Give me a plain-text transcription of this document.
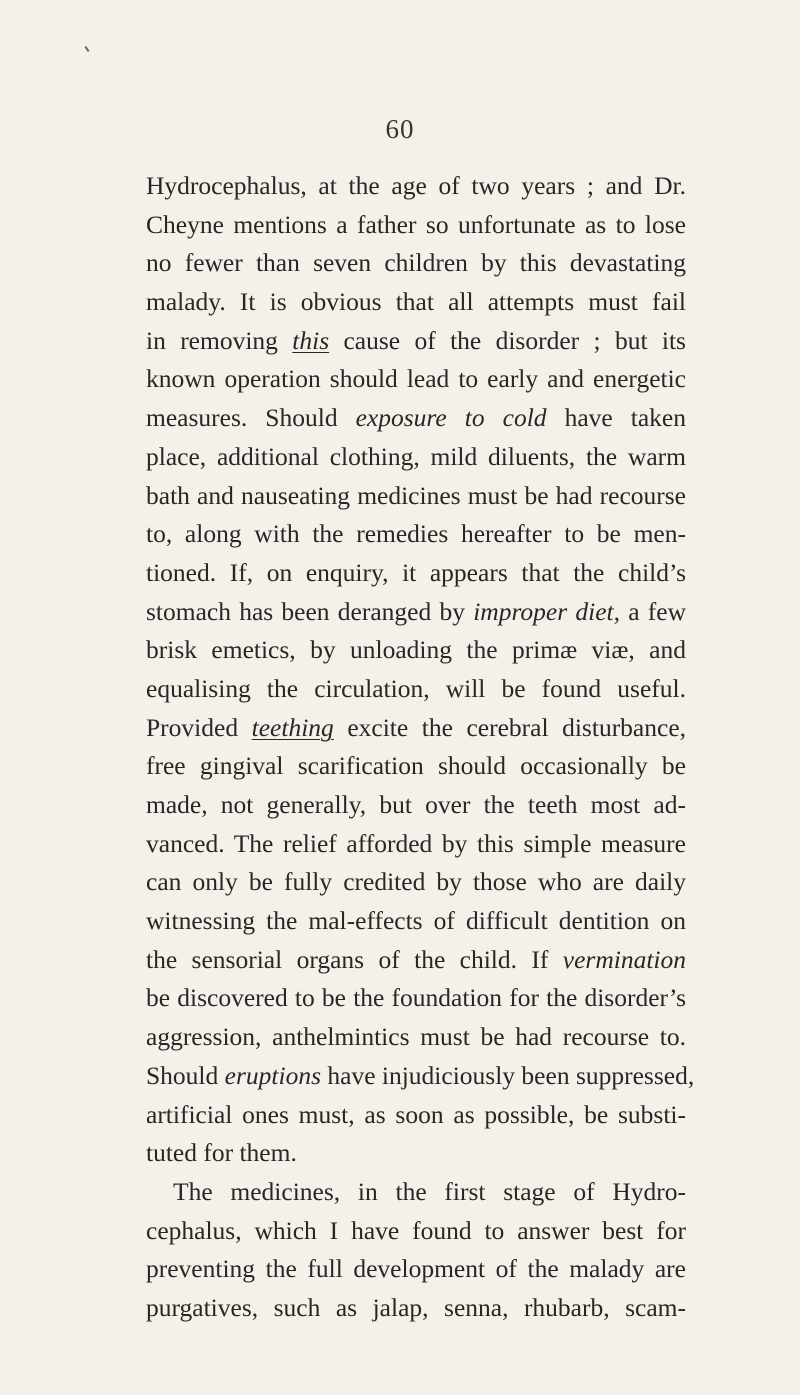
60
Hydrocephalus, at the age of two years ; and Dr.
Cheyne mentions a father so unfortunate as to lose
no fewer than seven children by this devastating
malady. It is obvious that all attempts must fail
in removing this cause of the disorder ; but its
known operation should lead to early and energetic
measures. Should exposure to cold have taken
place, additional clothing, mild diluents, the warm
bath and nauseating medicines must be had recourse
to, along with the remedies hereafter to be men-
tioned. If, on enquiry, it appears that the child’s
stomach has been deranged by improper diet, a few
brisk emetics, by unloading the primæ viæ, and
equalising the circulation, will be found useful.
Provided teething excite the cerebral disturbance,
free gingival scarification should occasionally be
made, not generally, but over the teeth most ad-
vanced. The relief afforded by this simple measure
can only be fully credited by those who are daily
witnessing the mal-effects of difficult dentition on
the sensorial organs of the child. If vermination
be discovered to be the foundation for the disorder’s
aggression, anthelmintics must be had recourse to.
Should eruptions have injudiciously been suppressed,
artificial ones must, as soon as possible, be substi-
tuted for them.
The medicines, in the first stage of Hydro-
cephalus, which I have found to answer best for
preventing the full development of the malady are
purgatives, such as jalap, senna, rhubarb, scam-
